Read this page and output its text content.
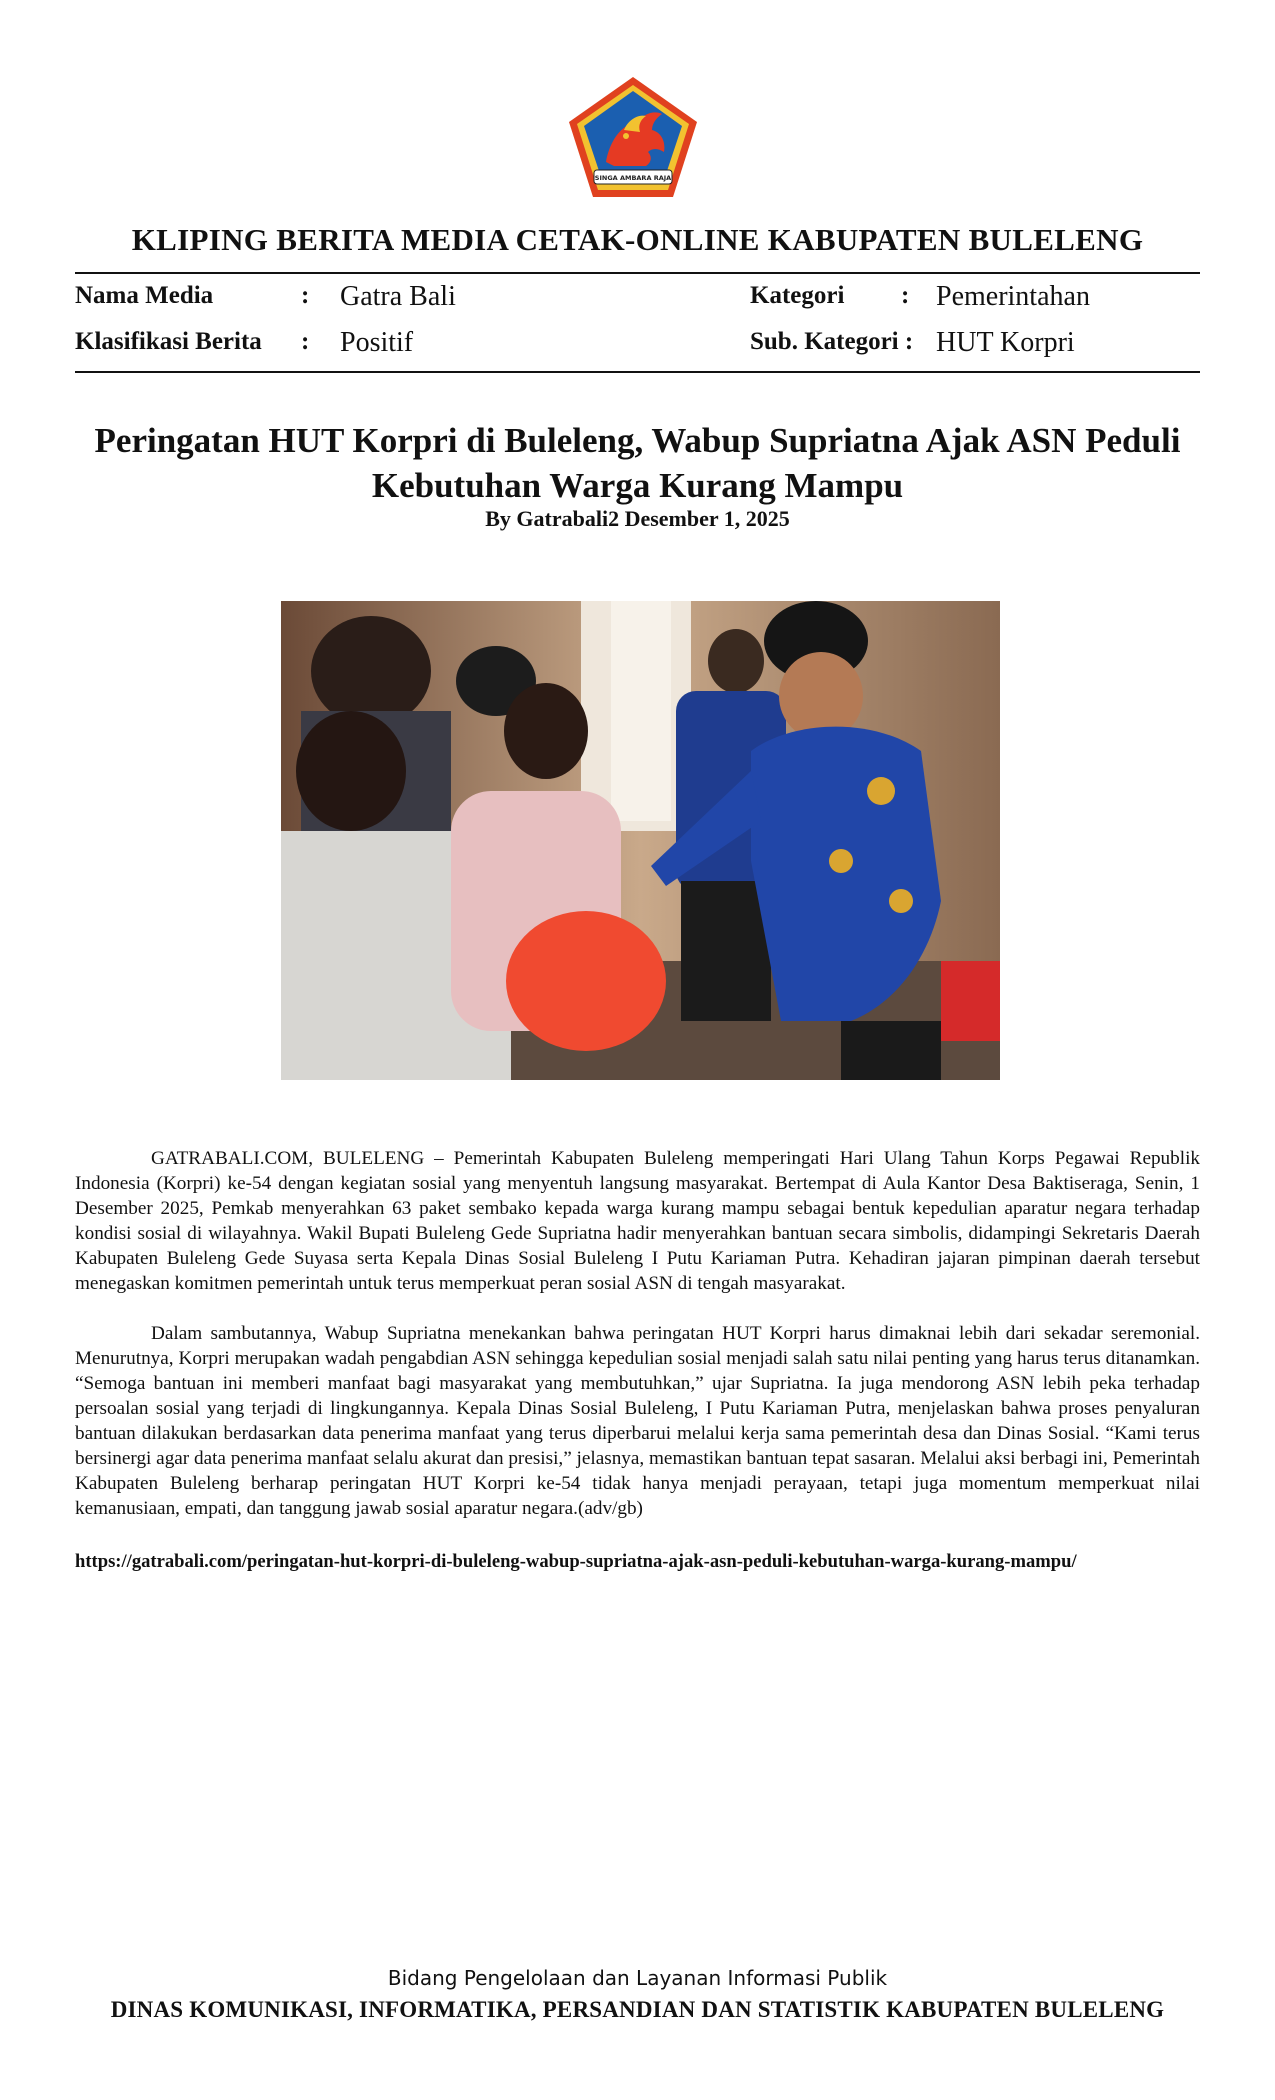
SINGA AMBARA RAJA
KLIPING BERITA MEDIA CETAK-ONLINE KABUPATEN BULELENG
Nama Media	: Gatra Bali	Kategori : Pemerintahan
Klasifikasi Berita : Positif	Sub. Kategori : HUT Korpri
Peringatan HUT Korpri di Buleleng, Wabup Supriatna Ajak ASN Peduli
Kebutuhan Warga Kurang Mampu
By Gatrabali2 Desember 1, 2025

GATRABALI.COM, BULELENG – Pemerintah Kabupaten Buleleng memperingati Hari Ulang Tahun Korps Pegawai Republik Indonesia (Korpri) ke-54 dengan kegiatan sosial yang menyentuh langsung masyarakat. Bertempat di Aula Kantor Desa Baktiseraga, Senin, 1 Desember 2025, Pemkab menyerahkan 63 paket sembako kepada warga kurang mampu sebagai bentuk kepedulian aparatur negara terhadap kondisi sosial di wilayahnya. Wakil Bupati Buleleng Gede Supriatna hadir menyerahkan bantuan secara simbolis, didampingi Sekretaris Daerah Kabupaten Buleleng Gede Suyasa serta Kepala Dinas Sosial Buleleng I Putu Kariaman Putra. Kehadiran jajaran pimpinan daerah tersebut menegaskan komitmen pemerintah untuk terus memperkuat peran sosial ASN di tengah masyarakat.

Dalam sambutannya, Wabup Supriatna menekankan bahwa peringatan HUT Korpri harus dimaknai lebih dari sekadar seremonial. Menurutnya, Korpri merupakan wadah pengabdian ASN sehingga kepedulian sosial menjadi salah satu nilai penting yang harus terus ditanamkan. “Semoga bantuan ini memberi manfaat bagi masyarakat yang membutuhkan,” ujar Supriatna. Ia juga mendorong ASN lebih peka terhadap persoalan sosial yang terjadi di lingkungannya. Kepala Dinas Sosial Buleleng, I Putu Kariaman Putra, menjelaskan bahwa proses penyaluran bantuan dilakukan berdasarkan data penerima manfaat yang terus diperbarui melalui kerja sama pemerintah desa dan Dinas Sosial. “Kami terus bersinergi agar data penerima manfaat selalu akurat dan presisi,” jelasnya, memastikan bantuan tepat sasaran. Melalui aksi berbagi ini, Pemerintah Kabupaten Buleleng berharap peringatan HUT Korpri ke-54 tidak hanya menjadi perayaan, tetapi juga momentum memperkuat nilai kemanusiaan, empati, dan tanggung jawab sosial aparatur negara.(adv/gb)

https://gatrabali.com/peringatan-hut-korpri-di-buleleng-wabup-supriatna-ajak-asn-peduli-kebutuhan-warga-kurang-mampu/
Bidang Pengelolaan dan Layanan Informasi Publik
DINAS KOMUNIKASI, INFORMATIKA, PERSANDIAN DAN STATISTIK KABUPATEN BULELENG
